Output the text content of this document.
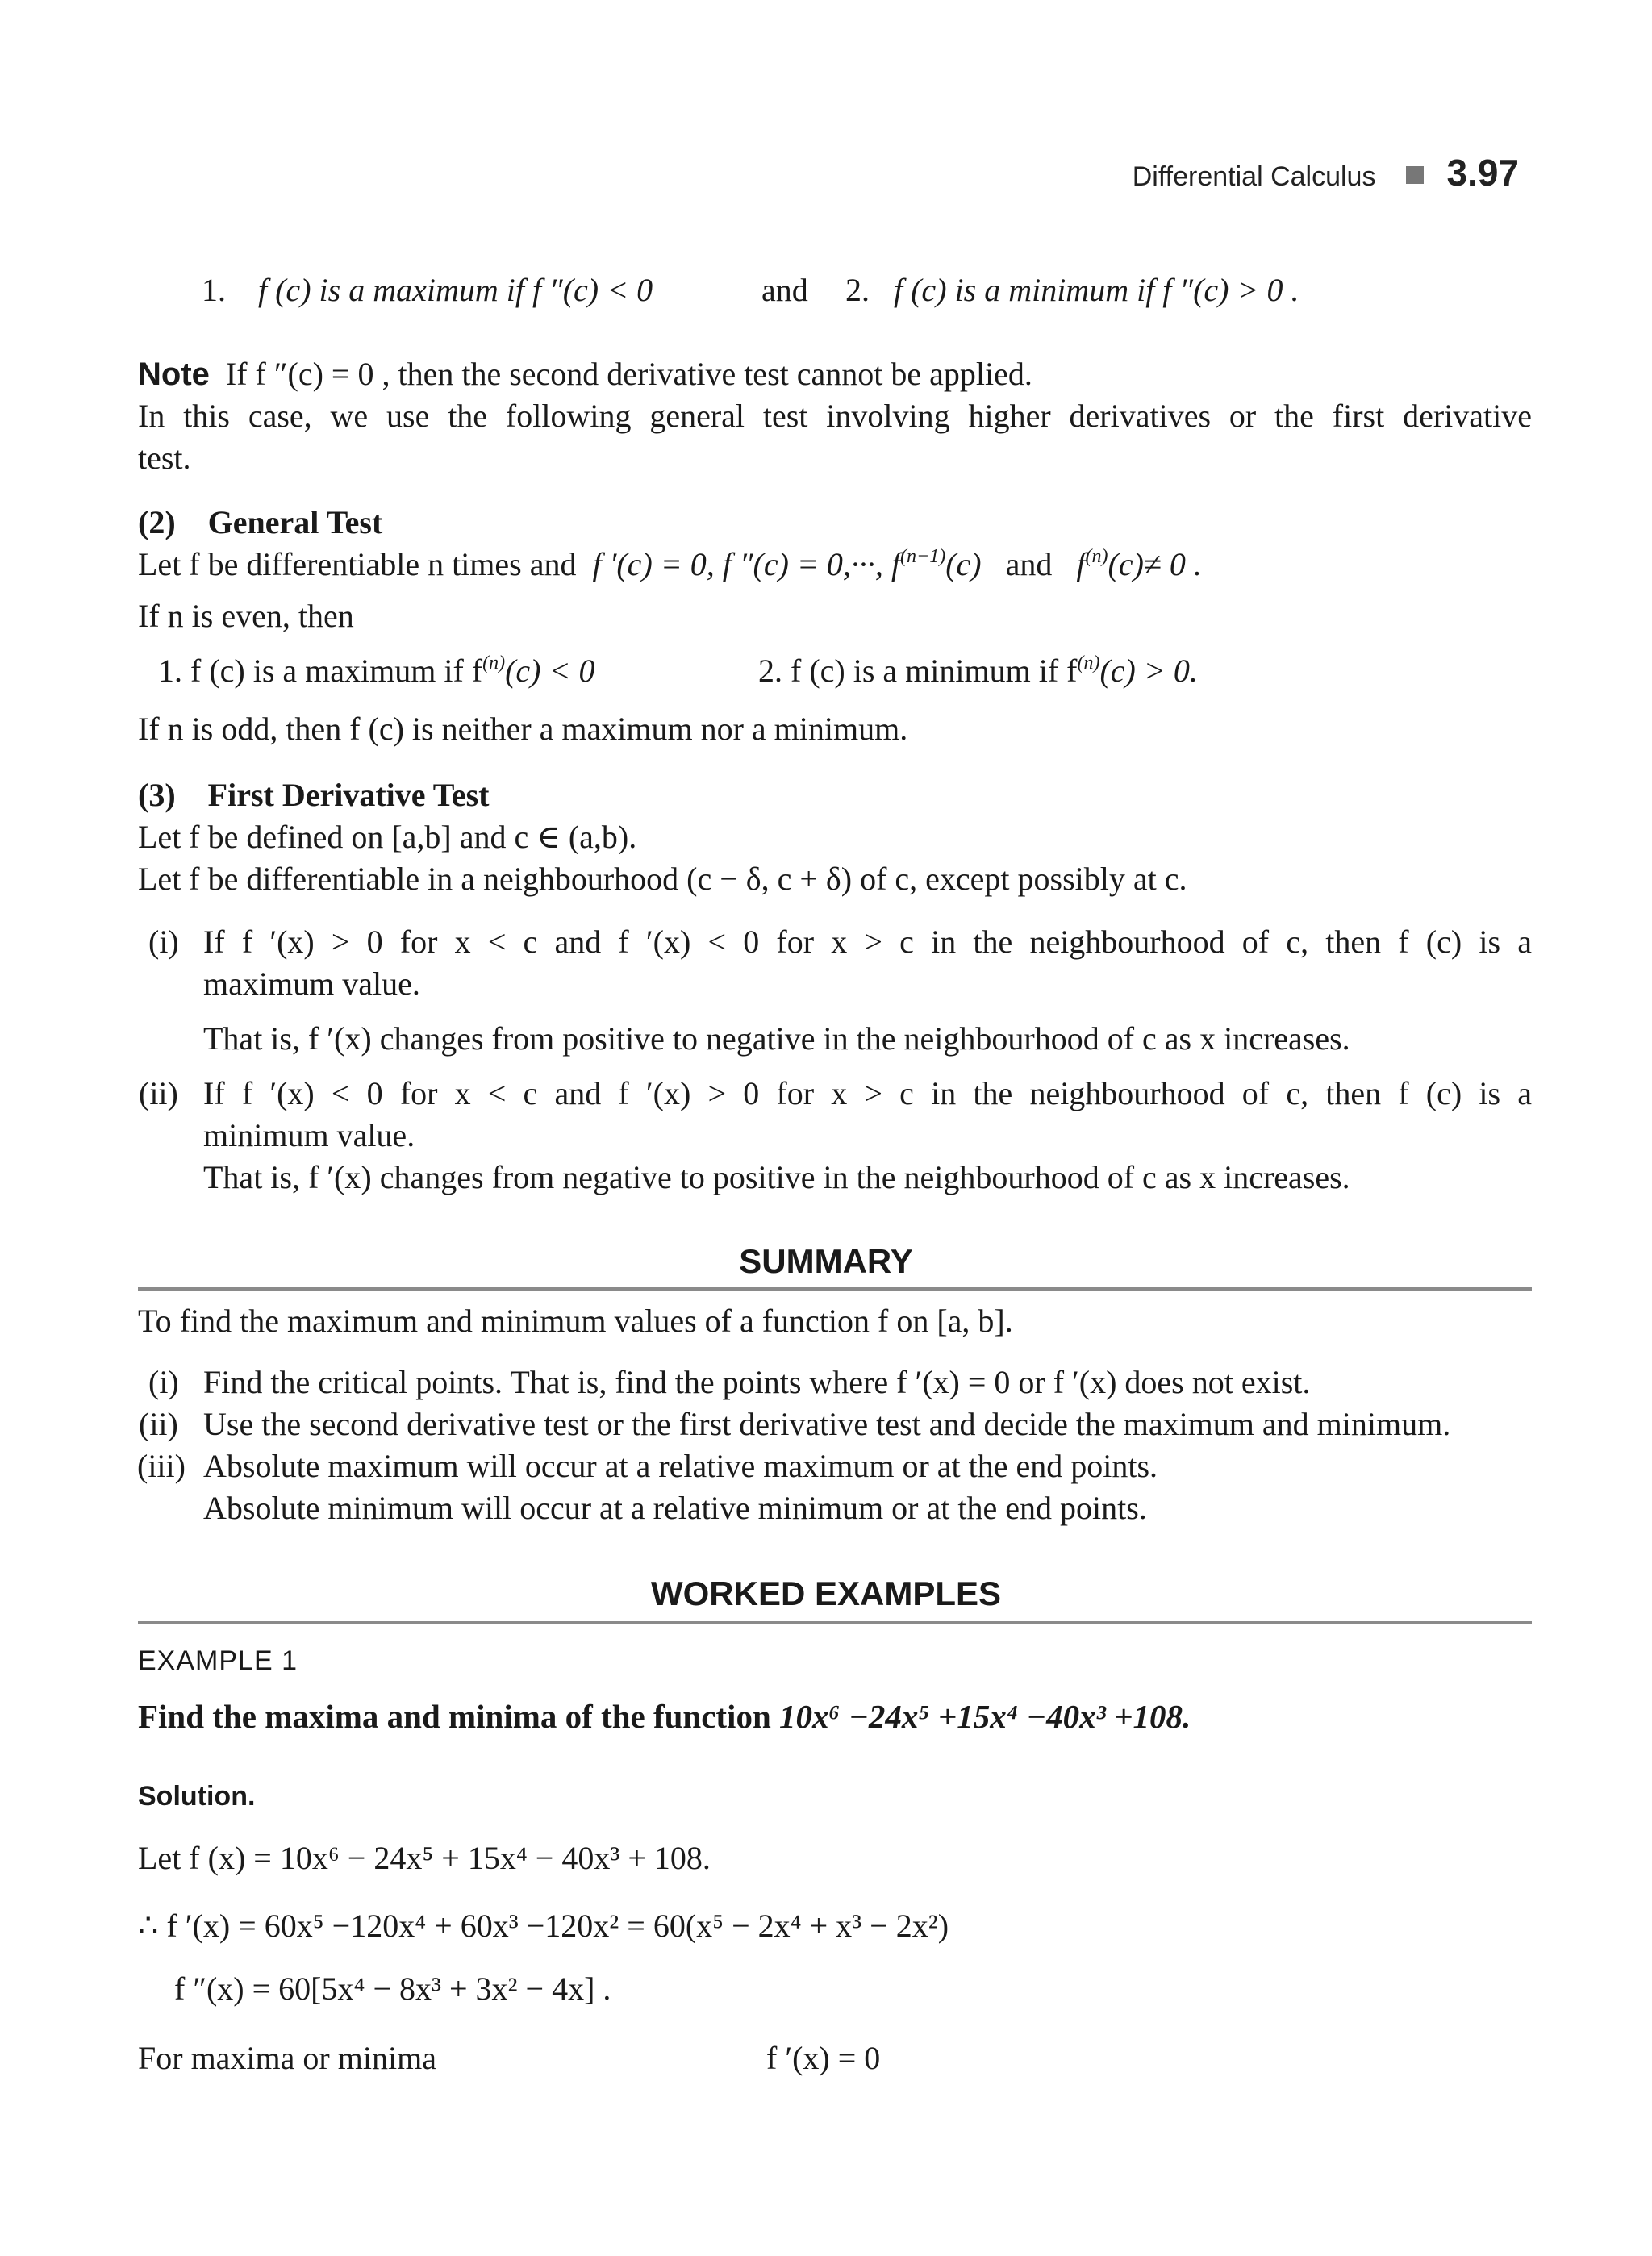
Differential Calculus 3.97
1. f (c) is a maximum if f ″(c) < 0	and 2. f (c) is a minimum if f ″(c) > 0 .
Note If f ″(c) = 0 , then the second derivative test cannot be applied.
In this case, we use the following general test involving higher derivatives or the first derivative
test.
(2) General Test
Let f be differentiable n times and f ′(c) = 0, f ″(c) = 0,···, $f^{(n-1)}(c)$ and $f^{(n)}(c)\ne 0$ .
If n is even, then
1. f (c) is a maximum if $f^{(n)}(c) < 0$	2. f (c) is a minimum if $f^{(n)}(c) > 0$.
If n is odd, then f (c) is neither a maximum nor a minimum.
(3) First Derivative Test
Let f be defined on [a,b] and c ∈ (a,b).
Let f be differentiable in a neighbourhood (c − δ, c + δ) of c, except possibly at c.
(i) If f ′(x) > 0 for x < c and f ′(x) < 0 for x > c in the neighbourhood of c, then f (c) is a
maximum value.
That is, f ′(x) changes from positive to negative in the neighbourhood of c as x increases.
(ii) If f ′(x) < 0 for x < c and f ′(x) > 0 for x > c in the neighbourhood of c, then f (c) is a
minimum value.
That is, f ′(x) changes from negative to positive in the neighbourhood of c as x increases.
SUMMARY
To find the maximum and minimum values of a function f on [a, b].
(i) Find the critical points. That is, find the points where f ′(x) = 0 or f ′(x) does not exist.
(ii) Use the second derivative test or the first derivative test and decide the maximum and minimum.
(iii) Absolute maximum will occur at a relative maximum or at the end points.
Absolute minimum will occur at a relative minimum or at the end points.
WORKED EXAMPLES
EXAMPLE 1
Find the maxima and minima of the function 10x⁶ −24x⁵ +15x⁴ −40x³ +108.
Solution.
Let f (x) = 10x⁶ − 24x⁵ + 15x⁴ − 40x³ + 108.
∴ f ′(x) = 60x⁵ −120x⁴ + 60x³ −120x² = 60(x⁵ − 2x⁴ + x³ − 2x²)
f ″(x) = 60[5x⁴ − 8x³ + 3x² − 4x] .
For maxima or minima	f ′(x) = 0
